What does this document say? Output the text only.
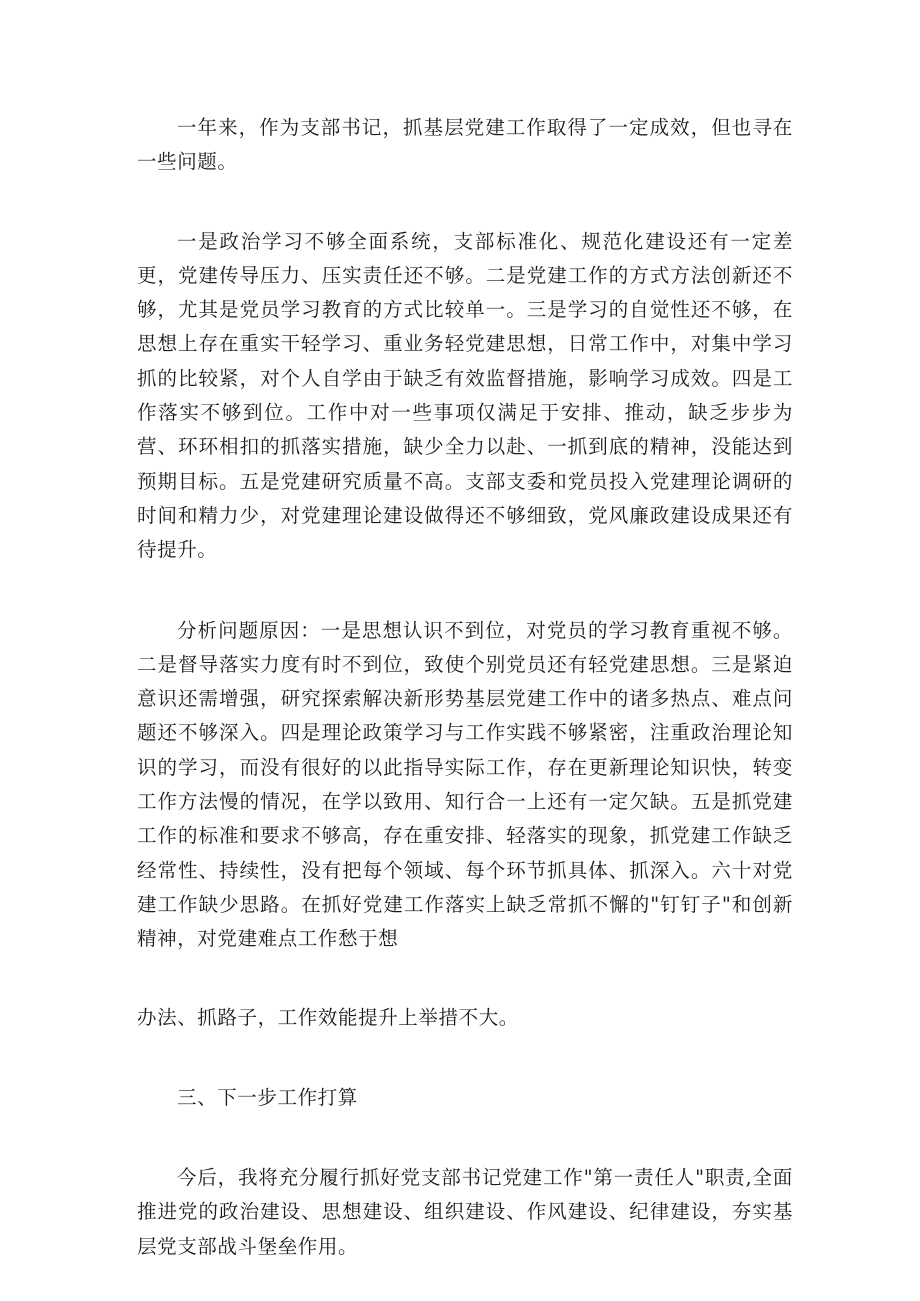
一年来，作为支部书记，抓基层党建工作取得了一定成效，但也寻在一些问题。

一是政治学习不够全面系统，支部标准化、规范化建设还有一定差更，党建传导压力、压实责任还不够。二是党建工作的方式方法创新还不够，尤其是党员学习教育的方式比较单一。三是学习的自觉性还不够，在思想上存在重实干轻学习、重业务轻党建思想，日常工作中，对集中学习抓的比较紧，对个人自学由于缺乏有效监督措施，影响学习成效。四是工作落实不够到位。工作中对一些事项仅满足于安排、推动，缺乏步步为营、环环相扣的抓落实措施，缺少全力以赴、一抓到底的精神，没能达到预期目标。五是党建研究质量不高。支部支委和党员投入党建理论调研的时间和精力少，对党建理论建设做得还不够细致，党风廉政建设成果还有待提升。

分析问题原因：一是思想认识不到位，对党员的学习教育重视不够。二是督导落实力度有时不到位，致使个别党员还有轻党建思想。三是紧迫意识还需增强，研究探索解决新形势基层党建工作中的诸多热点、难点问题还不够深入。四是理论政策学习与工作实践不够紧密，注重政治理论知识的学习，而没有很好的以此指导实际工作，存在更新理论知识快，转变工作方法慢的情况，在学以致用、知行合一上还有一定欠缺。五是抓党建工作的标准和要求不够高，存在重安排、轻落实的现象，抓党建工作缺乏经常性、持续性，没有把每个领域、每个环节抓具体、抓深入。六十对党建工作缺少思路。在抓好党建工作落实上缺乏常抓不懈的"钉钉子"和创新精神，对党建难点工作愁于想

办法、抓路子，工作效能提升上举措不大。

三、下一步工作打算

今后，我将充分履行抓好党支部书记党建工作"第一责任人"职责,全面推进党的政治建设、思想建设、组织建设、作风建设、纪律建设，夯实基层党支部战斗堡垒作用。
